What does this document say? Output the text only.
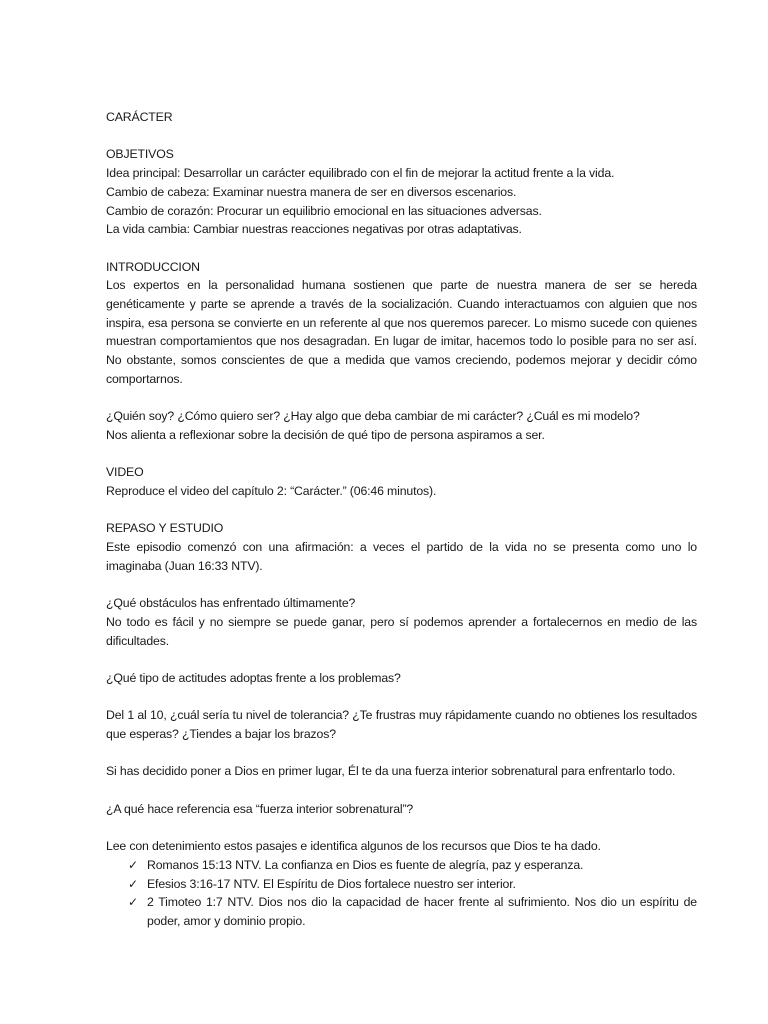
CARÁCTER

OBJETIVOS

Idea principal: Desarrollar un carácter equilibrado con el fin de mejorar la actitud frente a la vida.

Cambio de cabeza: Examinar nuestra manera de ser en diversos escenarios.

Cambio de corazón: Procurar un equilibrio emocional en las situaciones adversas.

La vida cambia: Cambiar nuestras reacciones negativas por otras adaptativas.

INTRODUCCION

Los expertos en la personalidad humana sostienen que parte de nuestra manera de ser se hereda genéticamente y parte se aprende a través de la socialización. Cuando interactuamos con alguien que nos inspira, esa persona se convierte en un referente al que nos queremos parecer. Lo mismo sucede con quienes muestran comportamientos que nos desagradan. En lugar de imitar, hacemos todo lo posible para no ser así. No obstante, somos conscientes de que a medida que vamos creciendo, podemos mejorar y decidir cómo comportarnos.

¿Quién soy? ¿Cómo quiero ser? ¿Hay algo que deba cambiar de mi carácter? ¿Cuál es mi modelo?

Nos alienta a reflexionar sobre la decisión de qué tipo de persona aspiramos a ser.

VIDEO

Reproduce el video del capítulo 2: “Carácter.” (06:46 minutos).

REPASO Y ESTUDIO

Este episodio comenzó con una afirmación: a veces el partido de la vida no se presenta como uno lo imaginaba (Juan 16:33 NTV).

¿Qué obstáculos has enfrentado últimamente?

No todo es fácil y no siempre se puede ganar, pero sí podemos aprender a fortalecernos en medio de las dificultades.

¿Qué tipo de actitudes adoptas frente a los problemas?

Del 1 al 10, ¿cuál sería tu nivel de tolerancia? ¿Te frustras muy rápidamente cuando no obtienes los resultados que esperas? ¿Tiendes a bajar los brazos?

Si has decidido poner a Dios en primer lugar, Él te da una fuerza interior sobrenatural para enfrentarlo todo.

¿A qué hace referencia esa “fuerza interior sobrenatural”?

Lee con detenimiento estos pasajes e identifica algunos de los recursos que Dios te ha dado.

✓ Romanos 15:13 NTV. La confianza en Dios es fuente de alegría, paz y esperanza.
✓ Efesios 3:16-17 NTV. El Espíritu de Dios fortalece nuestro ser interior.
✓ 2 Timoteo 1:7 NTV. Dios nos dio la capacidad de hacer frente al sufrimiento. Nos dio un espíritu de poder, amor y dominio propio.
